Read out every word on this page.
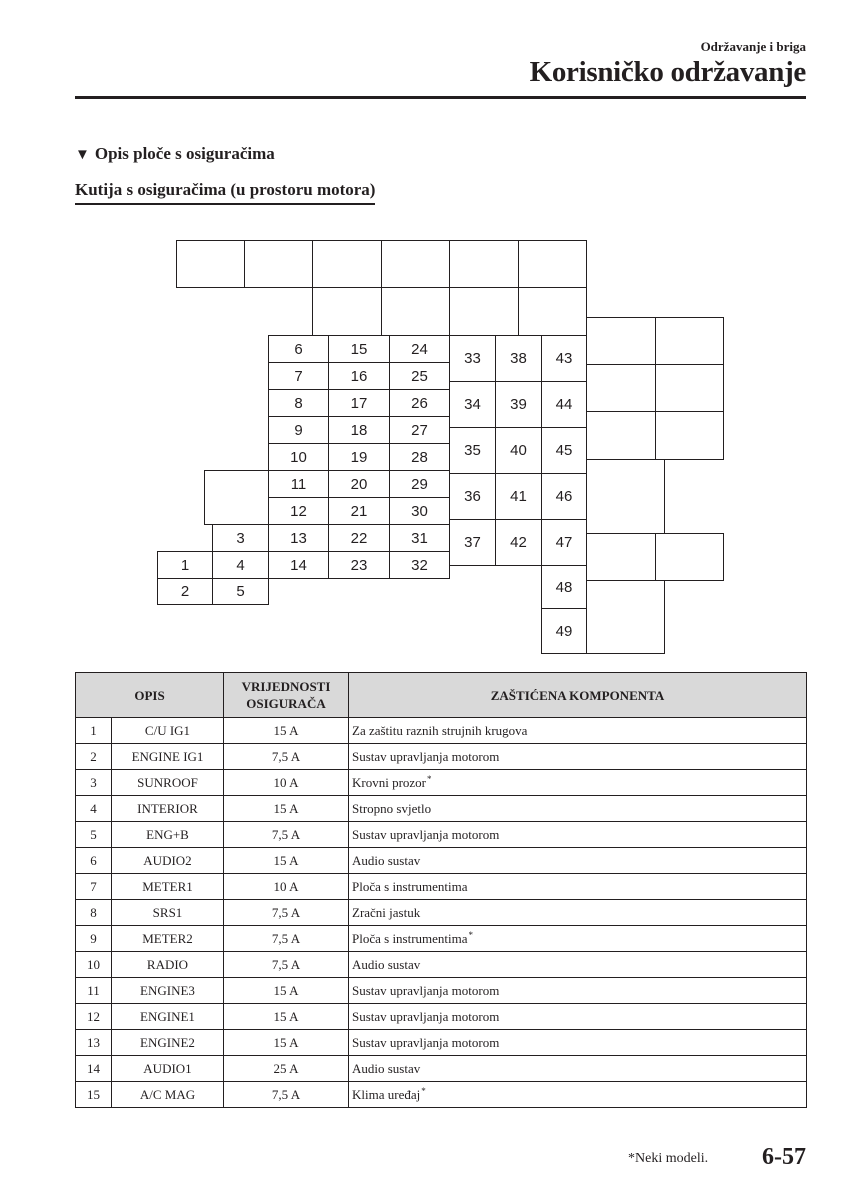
Održavanje i briga
Korisničko održavanje
▼ Opis ploče s osiguračima
Kutija s osiguračima (u prostoru motora)
3
1	4
2	5
6
7
8
9
10
11
12
13
14
15
16
17
18
19
20
21
22
23
24
25
26
27
28
29
30
31
32
33
34
35
36
37
38
39
40
41
42
43
44
45
46
47
48
49
OPIS		VRIJEDNOSTI
OSIGURAČA	ZAŠTIĆENA KOMPONENTA
1	C/U IG1	15 A	Za zaštitu raznih strujnih krugova
2	ENGINE IG1	7,5 A	Sustav upravljanja motorom
3	SUNROOF	10 A	Krovni prozor*
4	INTERIOR	15 A	Stropno svjetlo
5	ENG+B	7,5 A	Sustav upravljanja motorom
6	AUDIO2	15 A	Audio sustav
7	METER1	10 A	Ploča s instrumentima
8	SRS1	7,5 A	Zračni jastuk
9	METER2	7,5 A	Ploča s instrumentima*
10	RADIO	7,5 A	Audio sustav
11	ENGINE3	15 A	Sustav upravljanja motorom
12	ENGINE1	15 A	Sustav upravljanja motorom
13	ENGINE2	15 A	Sustav upravljanja motorom
14	AUDIO1	25 A	Audio sustav
15	A/C MAG	7,5 A	Klima uređaj*
*Neki modeli. 6-57
